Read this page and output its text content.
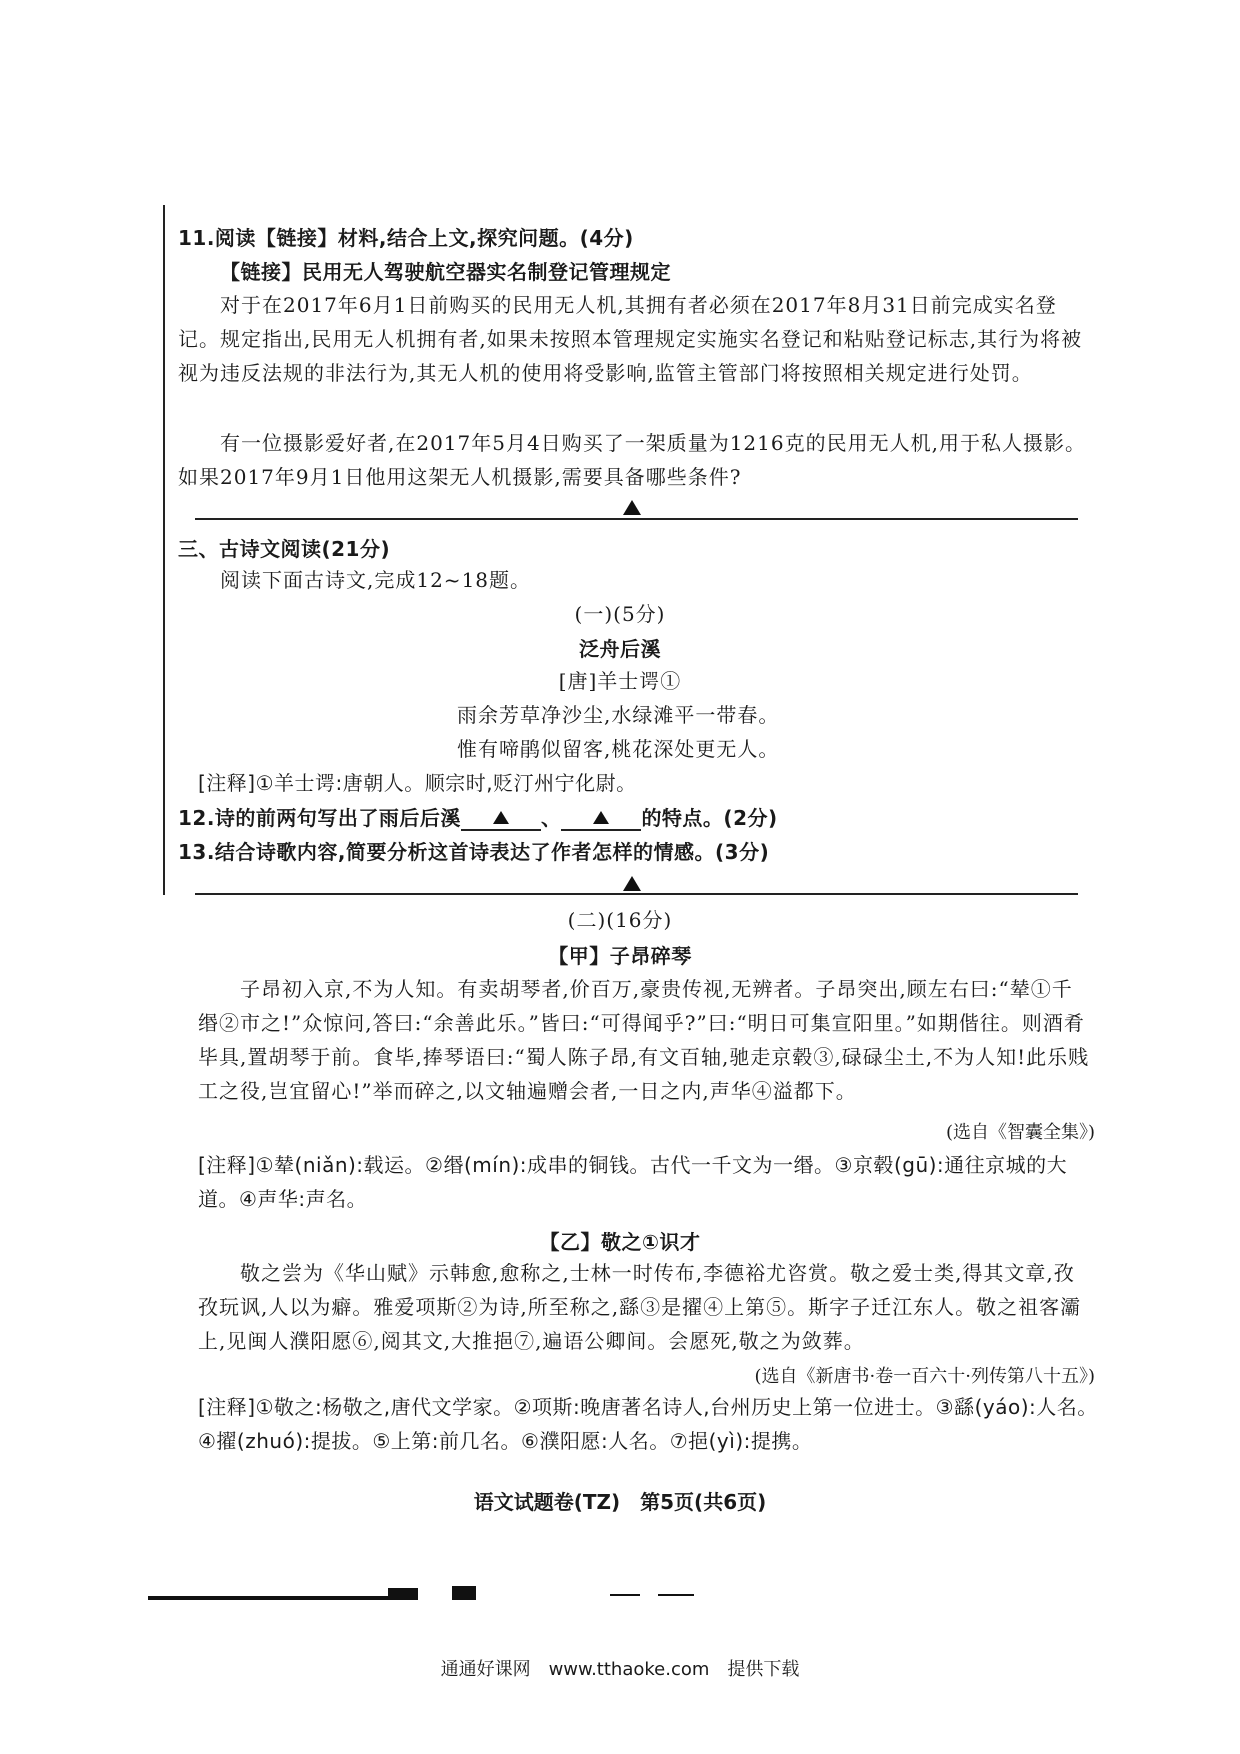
11.阅读【链接】材料,结合上文,探究问题。(4分)
【链接】民用无人驾驶航空器实名制登记管理规定
对于在2017年6月1日前购买的民用无人机,其拥有者必须在2017年8月31日前完成实名登记。规定指出,民用无人机拥有者,如果未按照本管理规定实施实名登记和粘贴登记标志,其行为将被视为违反法规的非法行为,其无人机的使用将受影响,监管主管部门将按照相关规定进行处罚。
有一位摄影爱好者,在2017年5月4日购买了一架质量为1216克的民用无人机,用于私人摄影。如果2017年9月1日他用这架无人机摄影,需要具备哪些条件?
三、古诗文阅读(21分)
阅读下面古诗文,完成12~18题。
(一)(5分)
泛舟后溪
[唐]羊士谔①
雨余芳草净沙尘,水绿滩平一带春。
惟有啼鹃似留客,桃花深处更无人。
[注释]①羊士谔:唐朝人。顺宗时,贬汀州宁化尉。
12.诗的前两句写出了雨后后溪	、	的特点。(2分)
13.结合诗歌内容,简要分析这首诗表达了作者怎样的情感。(3分)
(二)(16分)
【甲】子昂碎琴
子昂初入京,不为人知。有卖胡琴者,价百万,豪贵传视,无辨者。子昂突出,顾左右曰:“辇①千缗②市之!”众惊问,答曰:“余善此乐。”皆曰:“可得闻乎?”曰:“明日可集宣阳里。”如期偕往。则酒肴毕具,置胡琴于前。食毕,捧琴语曰:“蜀人陈子昂,有文百轴,驰走京毂③,碌碌尘土,不为人知!此乐贱工之役,岂宜留心!”举而碎之,以文轴遍赠会者,一日之内,声华④溢都下。
(选自《智囊全集》)
[注释]①辇(niǎn):载运。②缗(mín):成串的铜钱。古代一千文为一缗。③京毂(gū):通往京城的大道。④声华:声名。
【乙】敬之①识才
敬之尝为《华山赋》示韩愈,愈称之,士林一时传布,李德裕尤咨赏。敬之爱士类,得其文章,孜孜玩讽,人以为癖。雅爱项斯②为诗,所至称之,繇③是擢④上第⑤。斯字子迁江东人。敬之祖客灞上,见闽人濮阳愿⑥,阅其文,大推挹⑦,遍语公卿间。会愿死,敬之为敛葬。
(选自《新唐书·卷一百六十·列传第八十五》)
[注释]①敬之:杨敬之,唐代文学家。②项斯:晚唐著名诗人,台州历史上第一位进士。③繇(yáo):人名。④擢(zhuó):提拔。⑤上第:前几名。⑥濮阳愿:人名。⑦挹(yì):提携。
语文试题卷(TZ)　第5页(共6页)
通通好课网　www.tthaoke.com　提供下载
